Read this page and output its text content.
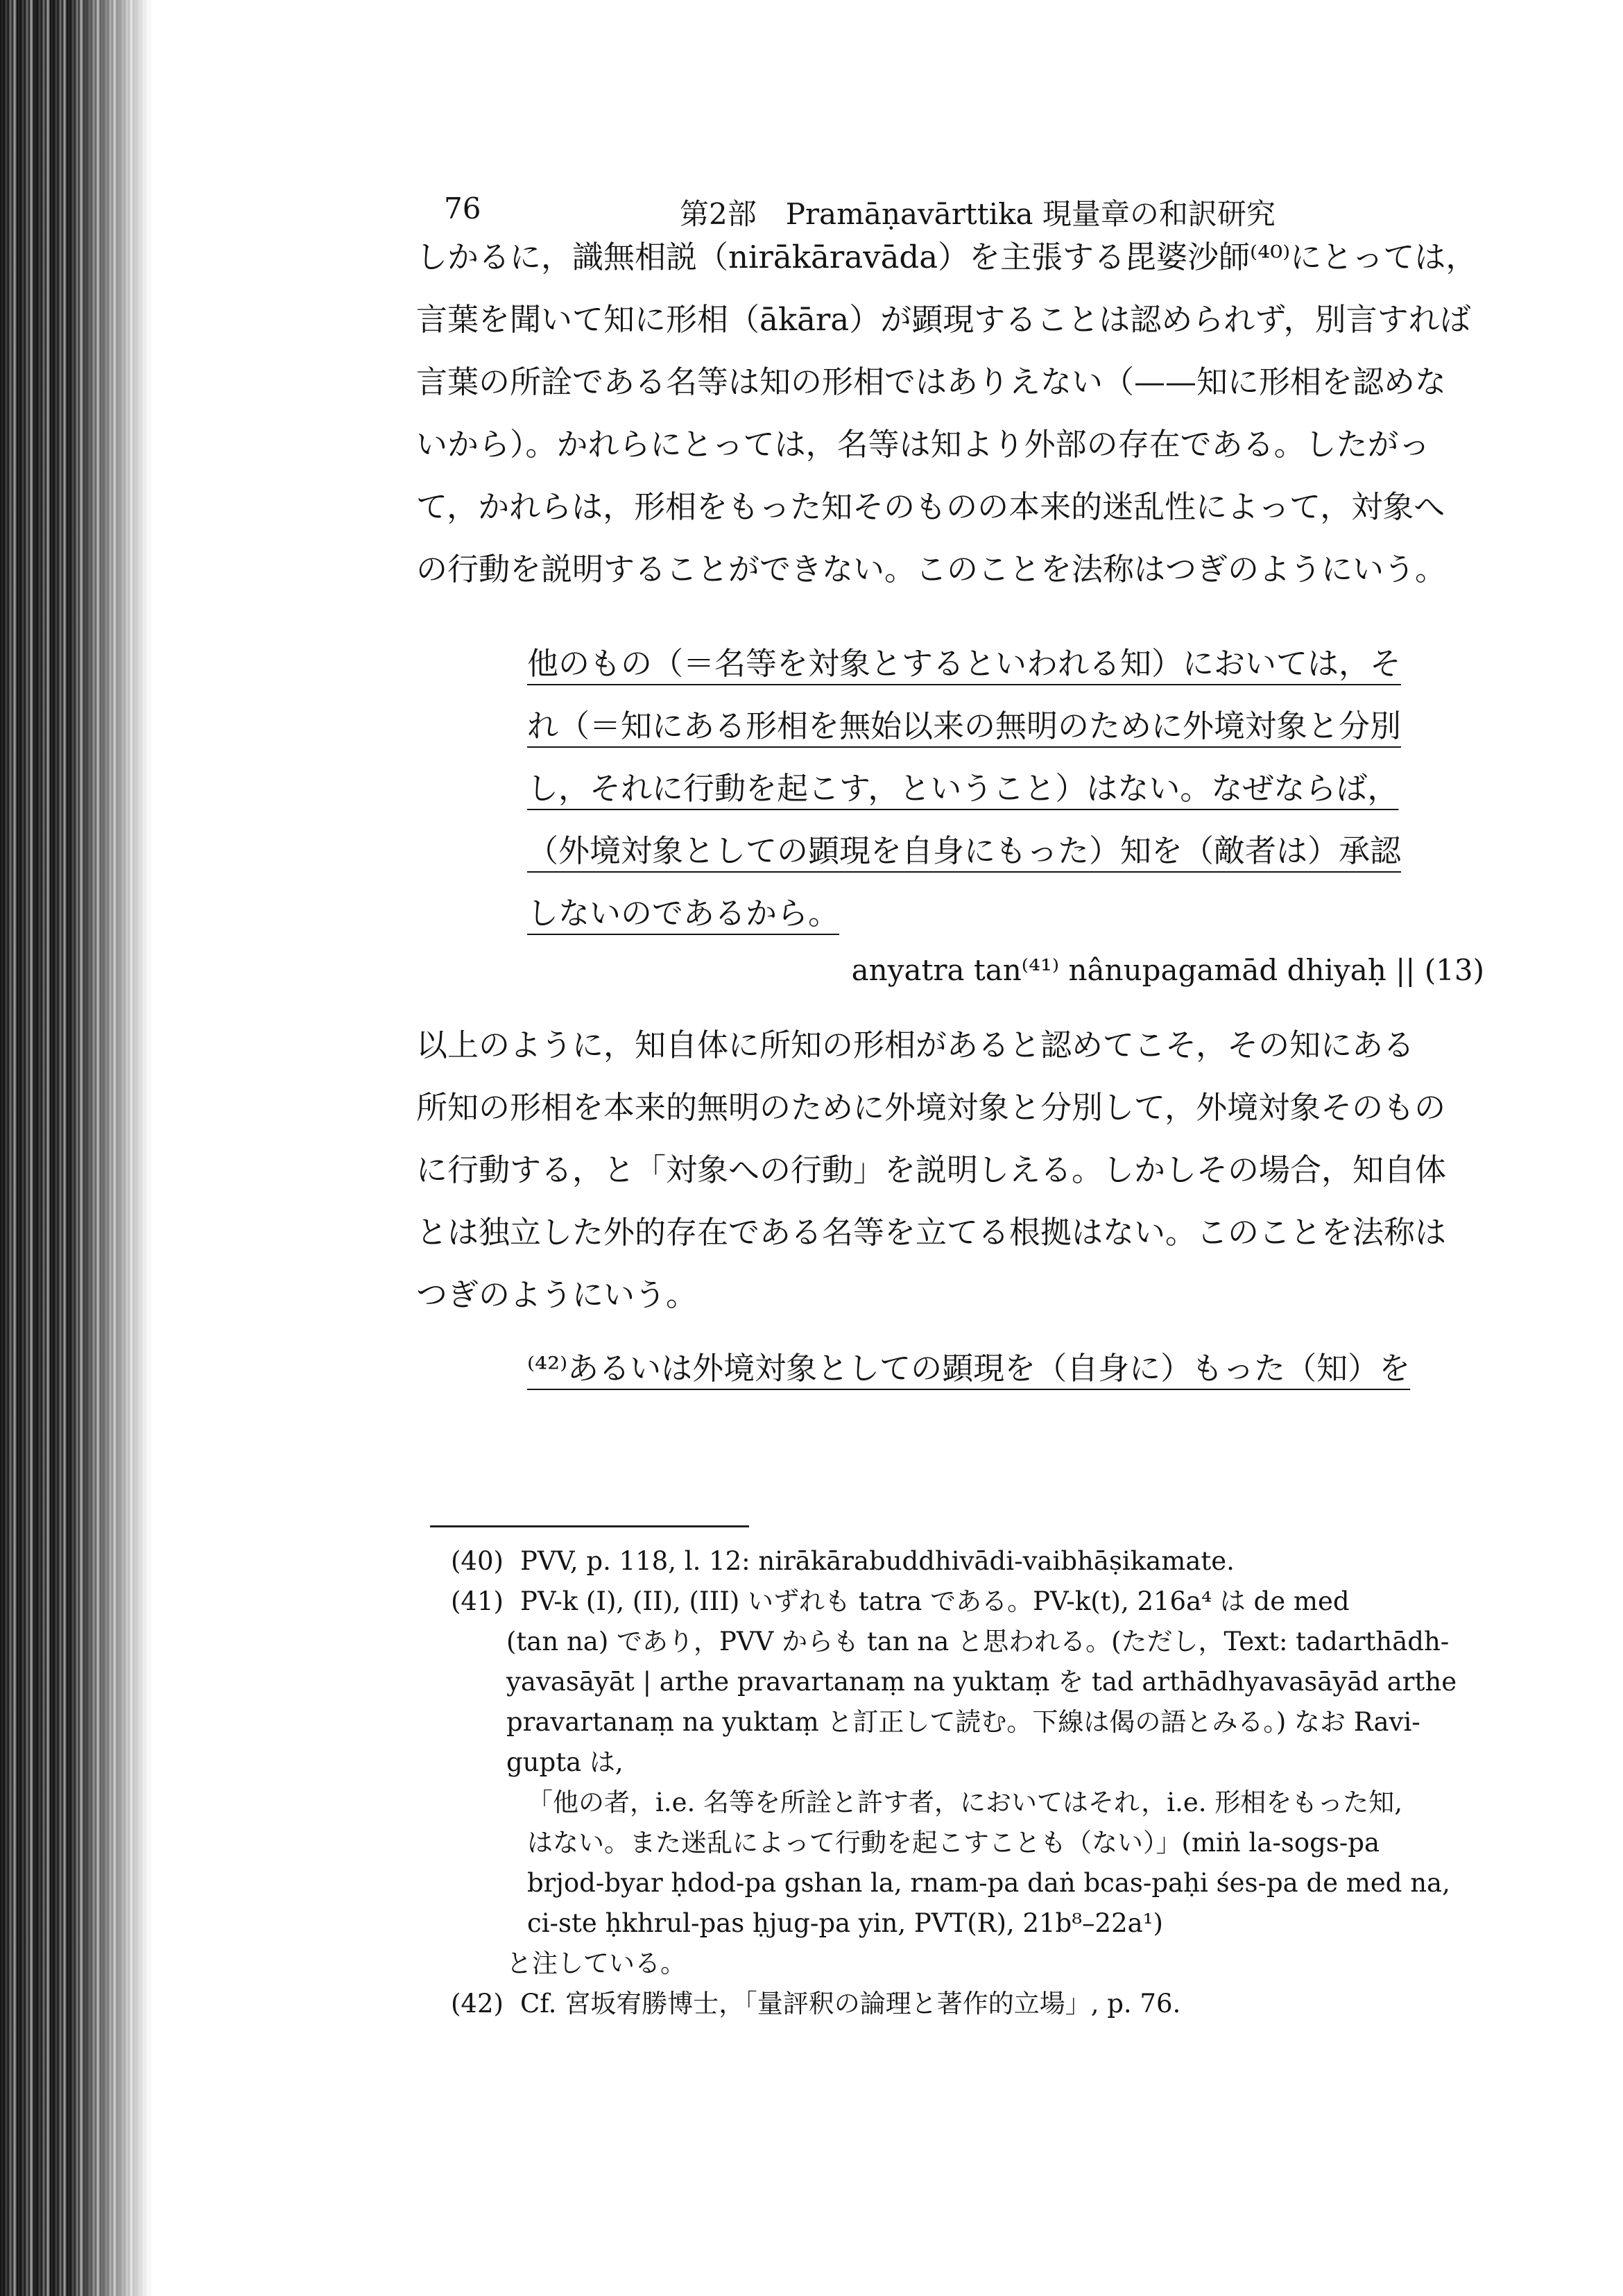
76	第2部　Pramāṇavārttika 現量章の和訳研究
しかるに，識無相説（nirākāravāda）を主張する毘婆沙師⁽⁴⁰⁾にとっては，
言葉を聞いて知に形相（ākāra）が顕現することは認められず，別言すれば
言葉の所詮である名等は知の形相ではありえない（——知に形相を認めな
いから）。かれらにとっては，名等は知より外部の存在である。したがっ
て，かれらは，形相をもった知そのものの本来的迷乱性によって，対象へ
の行動を説明することができない。このことを法称はつぎのようにいう。
他のもの（＝名等を対象とするといわれる知）においては，そ
れ（＝知にある形相を無始以来の無明のために外境対象と分別
し，それに行動を起こす，ということ）はない。なぜならば，
（外境対象としての顕現を自身にもった）知を（敵者は）承認
しないのであるから。
anyatra tan⁽⁴¹⁾ nânupagamād dhiyaḥ || (13)
以上のように，知自体に所知の形相があると認めてこそ，その知にある
所知の形相を本来的無明のために外境対象と分別して，外境対象そのもの
に行動する，と「対象への行動」を説明しえる。しかしその場合，知自体
とは独立した外的存在である名等を立てる根拠はない。このことを法称は
つぎのようにいう。
⁽⁴²⁾あるいは外境対象としての顕現を（自身に）もった（知）を
(40) PVV, p. 118, l. 12: nirākārabuddhivādi-vaibhāṣikamate.
(41) PV-k (I), (II), (III) いずれも tatra である。PV-k(t), 216a⁴ は de med
(tan na) であり，PVV からも tan na と思われる。(ただし，Text: tadarthādh-
yavasāyāt | arthe pravartanaṃ na yuktaṃ を tad arthādhyavasāyād arthe
pravartanaṃ na yuktaṃ と訂正して読む。下線は偈の語とみる。) なお Ravi-
gupta は,
「他の者，i.e. 名等を所詮と許す者，においてはそれ，i.e. 形相をもった知,
はない。また迷乱によって行動を起こすことも（ない）」(miṅ la-sogs-pa
brjod-byar ḥdod-pa gshan la, rnam-pa daṅ bcas-paḥi śes-pa de med na,
ci-ste ḥkhrul-pas ḥjug-pa yin, PVT(R), 21b⁸–22a¹)
と注している。
(42) Cf. 宮坂宥勝博士，「量評釈の論理と著作的立場」, p. 76.
